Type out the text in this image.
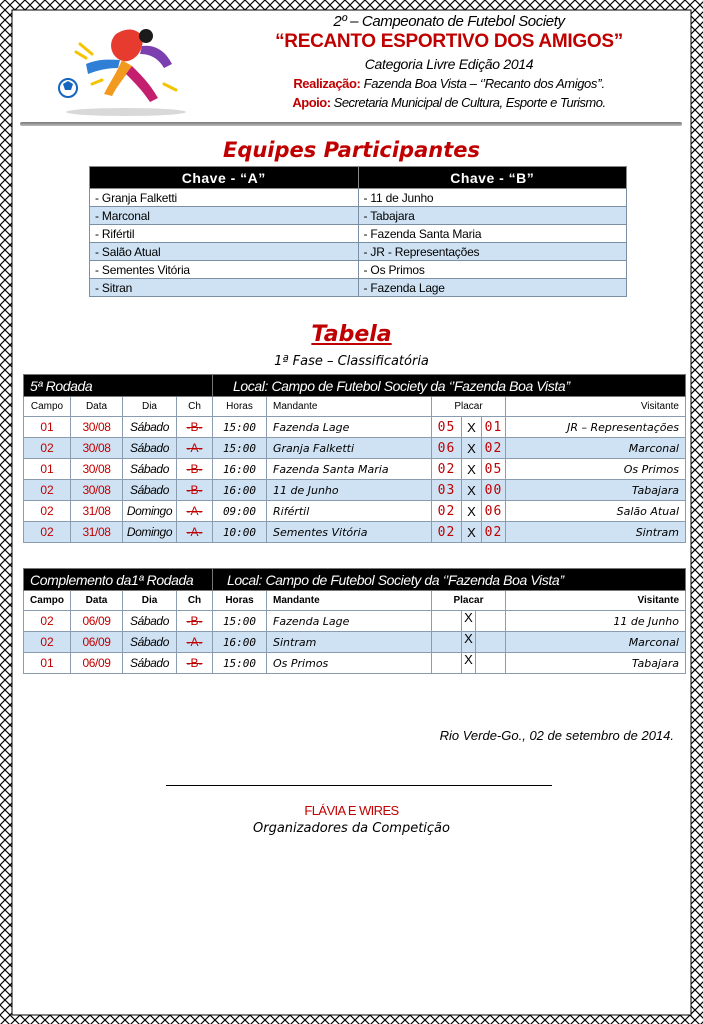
2º – Campeonato de Futebol Society
“RECANTO ESPORTIVO DOS AMIGOS”
Categoria Livre Edição 2014
Realização: Fazenda Boa Vista – ‘’Recanto dos Amigos’’.
Apoio: Secretaria Municipal de Cultura, Esporte e Turismo.
Equipes Participantes
Chave - “A”	Chave - “B”
- Granja Falketti	- 11 de Junho
- Marconal	- Tabajara
- Rifértil	- Fazenda Santa Maria
- Salão Atual	- JR - Representações
- Sementes Vitória	- Os Primos
- Sitran	- Fazenda Lage
Tabela
1ª Fase – Classificatória
5ª Rodada				Local: Campo de Futebol Society da ‘’Fazenda Boa Vista’’					
Campo	Data	Dia	Ch	Horas	Mandante	Placar			Visitante
01	30/08	Sábado	-B-	15:00	Fazenda Lage	05	X	01	JR – Representações
02	30/08	Sábado	-A-	15:00	Granja Falketti	06	X	02	Marconal
01	30/08	Sábado	-B-	16:00	Fazenda Santa Maria	02	X	05	Os Primos
02	30/08	Sábado	-B-	16:00	11 de Junho	03	X	00	Tabajara
02	31/08	Domingo	-A-	09:00	Rifértil	02	X	06	Salão Atual
02	31/08	Domingo	-A-	10:00	Sementes Vitória	02	X	02	Sintram
Complemento da1ª Rodada				Local: Campo de Futebol Society da ‘’Fazenda Boa Vista’’					
Campo	Data	Dia	Ch	Horas	Mandante	Placar			Visitante
02	06/09	Sábado	-B-	15:00	Fazenda Lage		X		11 de Junho
02	06/09	Sábado	-A-	16:00	Sintram		X		Marconal
01	06/09	Sábado	-B-	15:00	Os Primos		X		Tabajara
Rio Verde-Go., 02 de setembro de 2014.
FLÁVIA E WIRES
Organizadores da Competição
